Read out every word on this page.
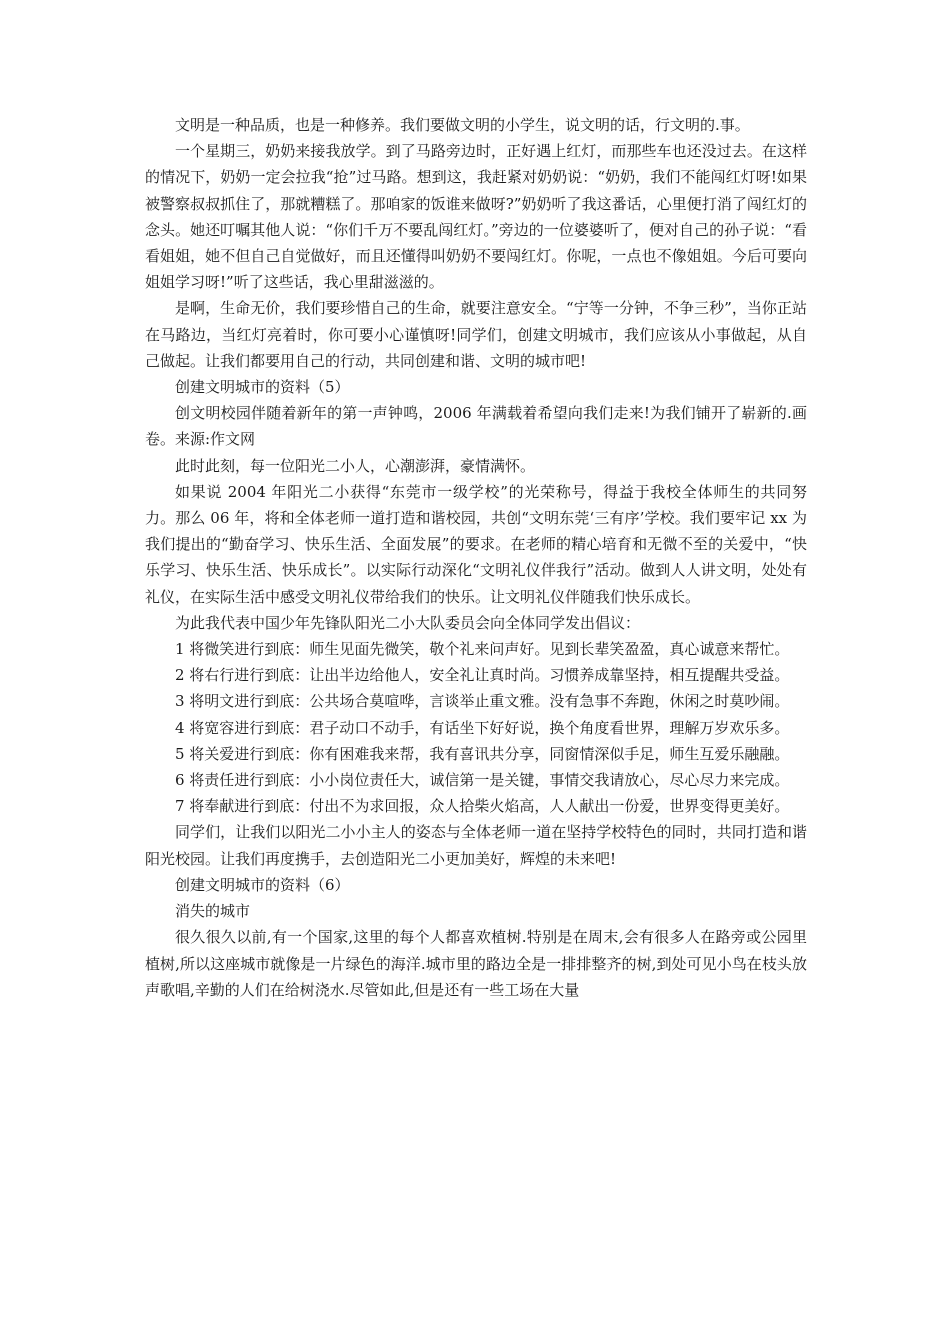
文明是一种品质，也是一种修养。我们要做文明的小学生，说文明的话，行文明的.事。

一个星期三，奶奶来接我放学。到了马路旁边时，正好遇上红灯，而那些车也还没过去。在这样的情况下，奶奶一定会拉我“抢”过马路。想到这，我赶紧对奶奶说：“奶奶，我们不能闯红灯呀!如果被警察叔叔抓住了，那就糟糕了。那咱家的饭谁来做呀?”奶奶听了我这番话，心里便打消了闯红灯的念头。她还叮嘱其他人说：“你们千万不要乱闯红灯。”旁边的一位婆婆听了，便对自己的孙子说：“看看姐姐，她不但自己自觉做好，而且还懂得叫奶奶不要闯红灯。你呢，一点也不像姐姐。今后可要向姐姐学习呀!”听了这些话，我心里甜滋滋的。

是啊，生命无价，我们要珍惜自己的生命，就要注意安全。“宁等一分钟，不争三秒”，当你正站在马路边，当红灯亮着时，你可要小心谨慎呀!同学们，创建文明城市，我们应该从小事做起，从自己做起。让我们都要用自己的行动，共同创建和谐、文明的城市吧!

创建文明城市的资料（5）

创文明校园伴随着新年的第一声钟鸣，2006 年满载着希望向我们走来!为我们铺开了崭新的.画卷。来源:作文网

此时此刻，每一位阳光二小人，心潮澎湃，豪情满怀。

如果说 2004 年阳光二小获得“东莞市一级学校”的光荣称号，得益于我校全体师生的共同努力。那么 06 年，将和全体老师一道打造和谐校园，共创“文明东莞‘三有序’学校。我们要牢记 xx 为我们提出的“勤奋学习、快乐生活、全面发展”的要求。在老师的精心培育和无微不至的关爱中，“快乐学习、快乐生活、快乐成长”。以实际行动深化“文明礼仪伴我行”活动。做到人人讲文明，处处有礼仪，在实际生活中感受文明礼仪带给我们的快乐。让文明礼仪伴随我们快乐成长。

为此我代表中国少年先锋队阳光二小大队委员会向全体同学发出倡议：

1 将微笑进行到底：师生见面先微笑，敬个礼来问声好。见到长辈笑盈盈，真心诚意来帮忙。

2 将右行进行到底：让出半边给他人，安全礼让真时尚。习惯养成靠坚持，相互提醒共受益。

3 将明文进行到底：公共场合莫喧哗，言谈举止重文雅。没有急事不奔跑，休闲之时莫吵闹。

4 将宽容进行到底：君子动口不动手，有话坐下好好说，换个角度看世界，理解万岁欢乐多。

5 将关爱进行到底：你有困难我来帮，我有喜讯共分享，同窗情深似手足，师生互爱乐融融。

6 将责任进行到底：小小岗位责任大，诚信第一是关键，事情交我请放心，尽心尽力来完成。

7 将奉献进行到底：付出不为求回报，众人拾柴火焰高，人人献出一份爱，世界变得更美好。

同学们，让我们以阳光二小小主人的姿态与全体老师一道在坚持学校特色的同时，共同打造和谐阳光校园。让我们再度携手，去创造阳光二小更加美好，辉煌的未来吧!

创建文明城市的资料（6）

消失的城市

很久很久以前,有一个国家,这里的每个人都喜欢植树.特别是在周末,会有很多人在路旁或公园里植树,所以这座城市就像是一片绿色的海洋.城市里的路边全是一排排整齐的树,到处可见小鸟在枝头放声歌唱,辛勤的人们在给树浇水.尽管如此,但是还有一些工场在大量
